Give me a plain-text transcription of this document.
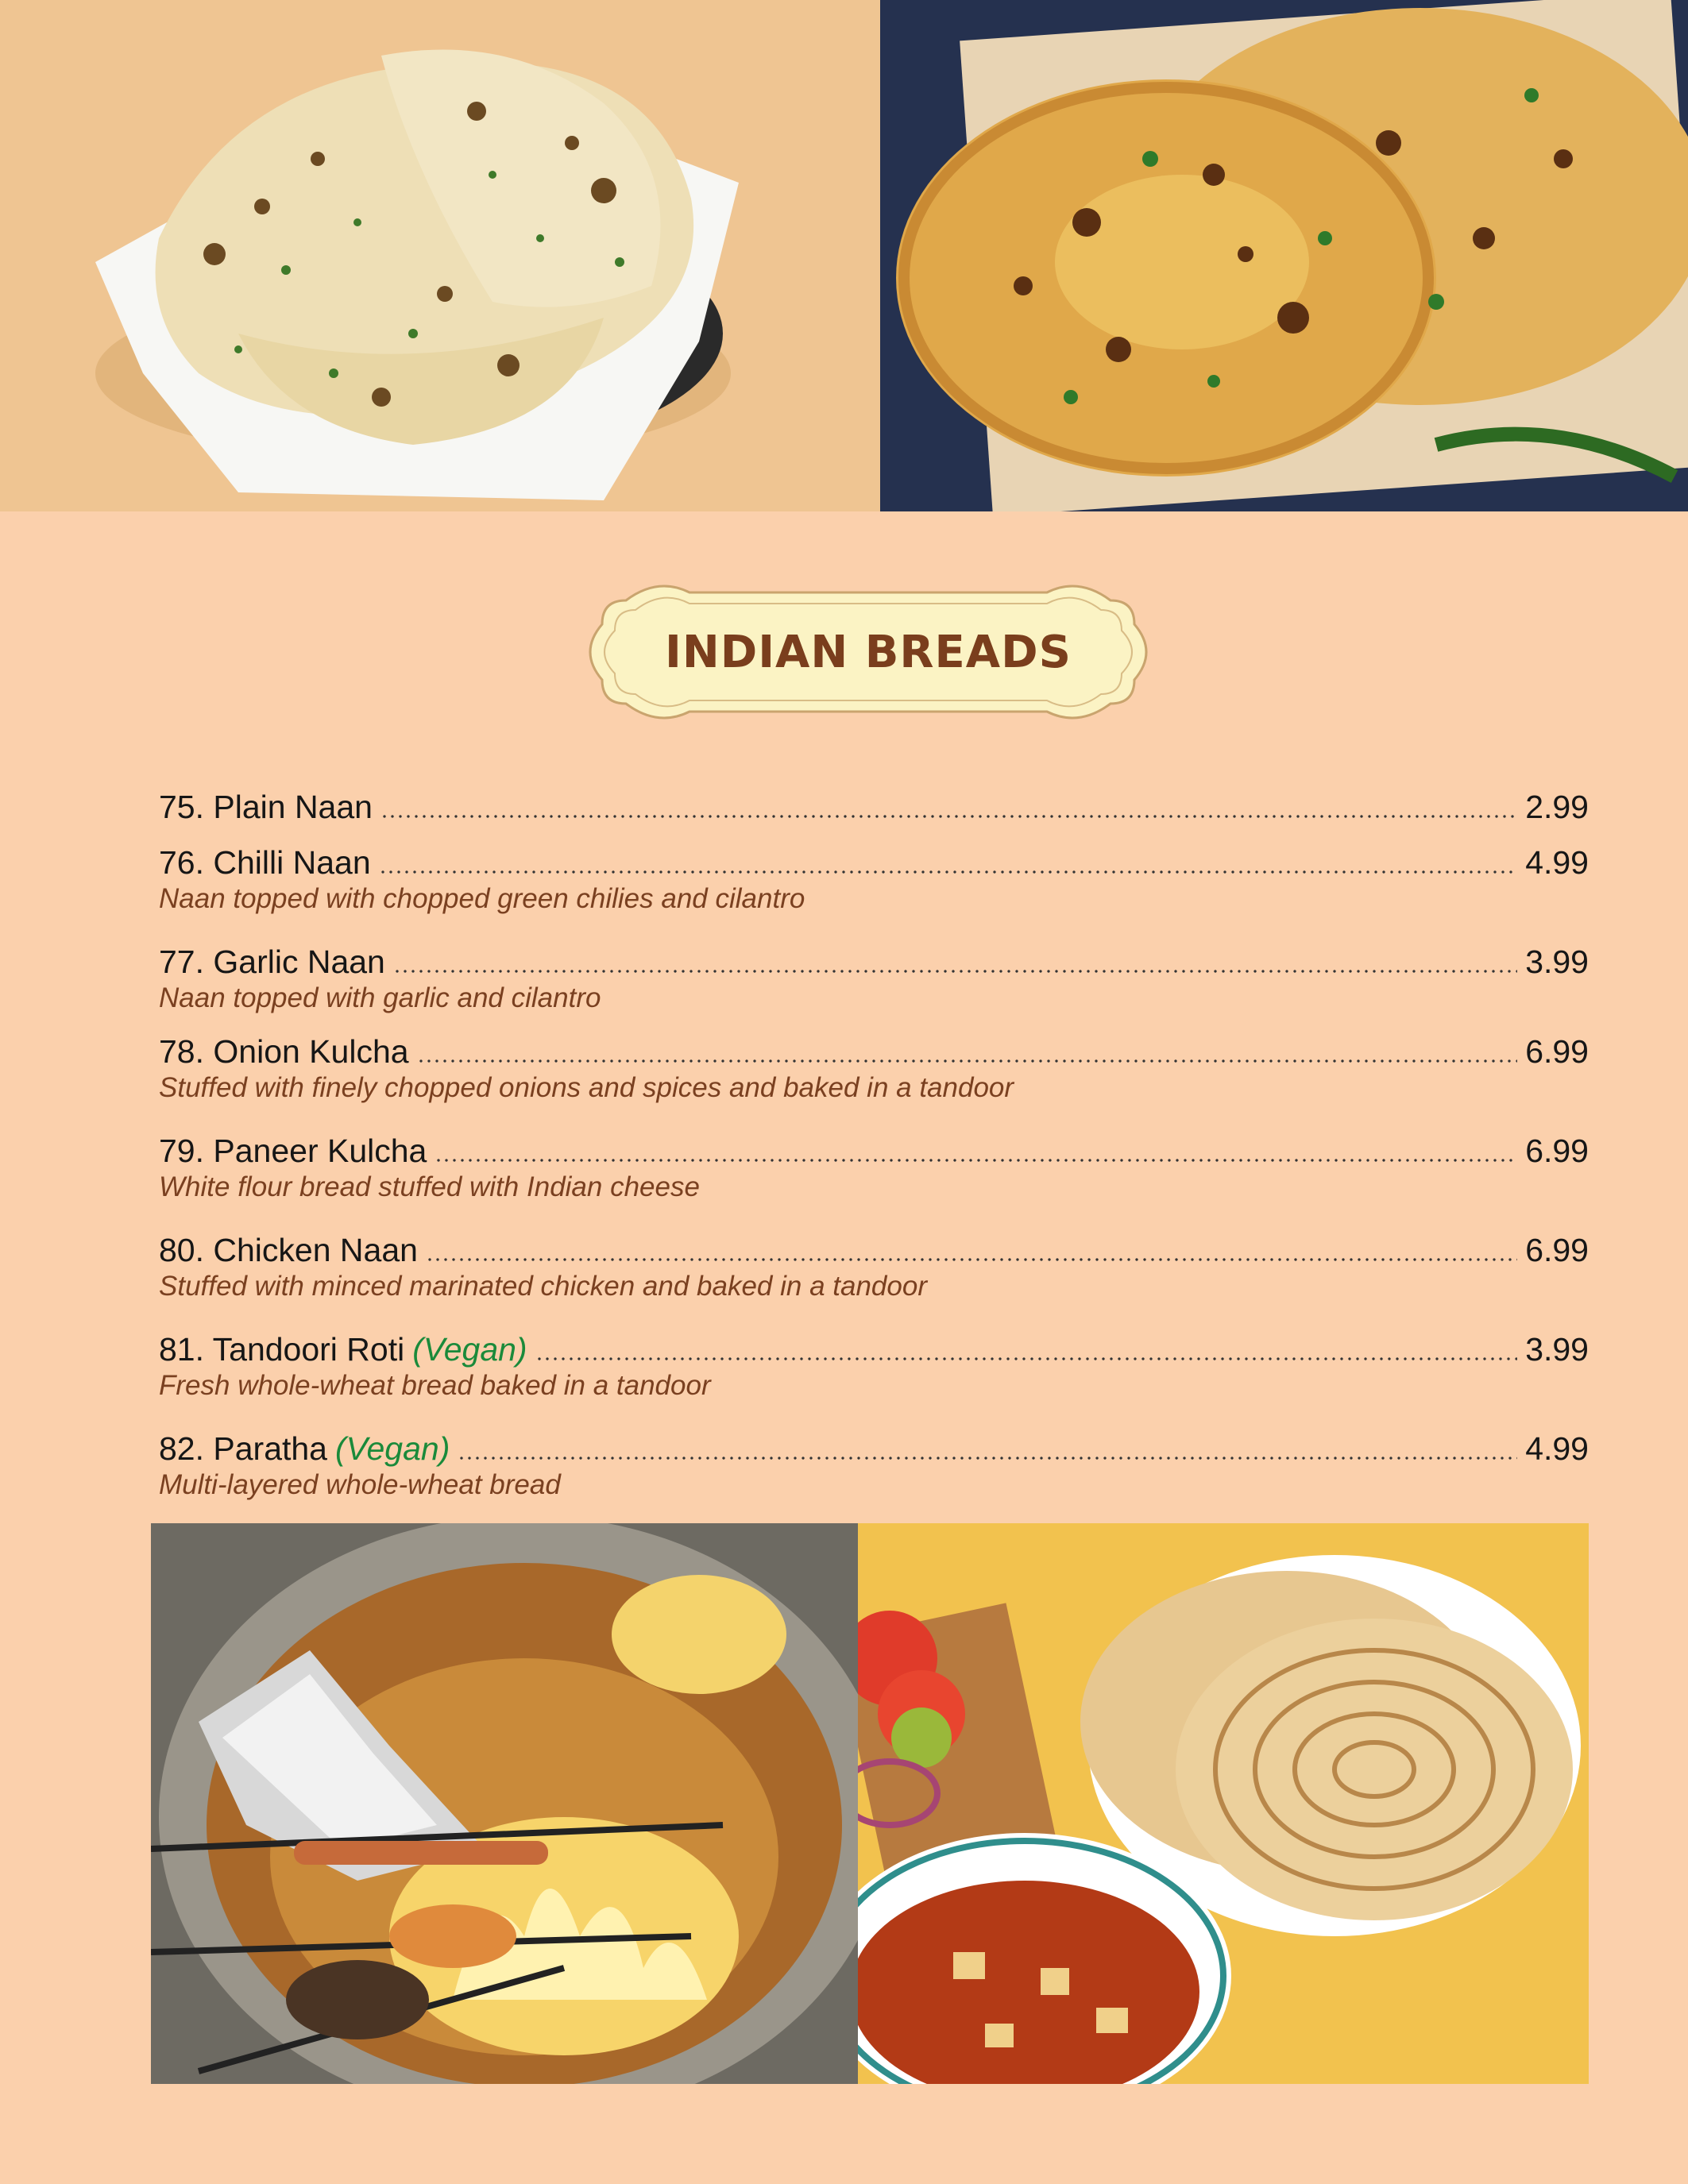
INDIAN BREADS
75. Plain Naan	2.99
76. Chilli Naan	4.99
Naan topped with chopped green chilies and cilantro
77. Garlic Naan	3.99
Naan topped with garlic and cilantro
78. Onion Kulcha	6.99
Stuffed with finely chopped onions and spices and baked in a tandoor
79. Paneer Kulcha	6.99
White flour bread stuffed with Indian cheese
80. Chicken Naan	6.99
Stuffed with minced marinated chicken and baked in a tandoor
81. Tandoori Roti (Vegan)	3.99
Fresh whole-wheat bread baked in a tandoor
82. Paratha (Vegan)	4.99
Multi-layered whole-wheat bread
